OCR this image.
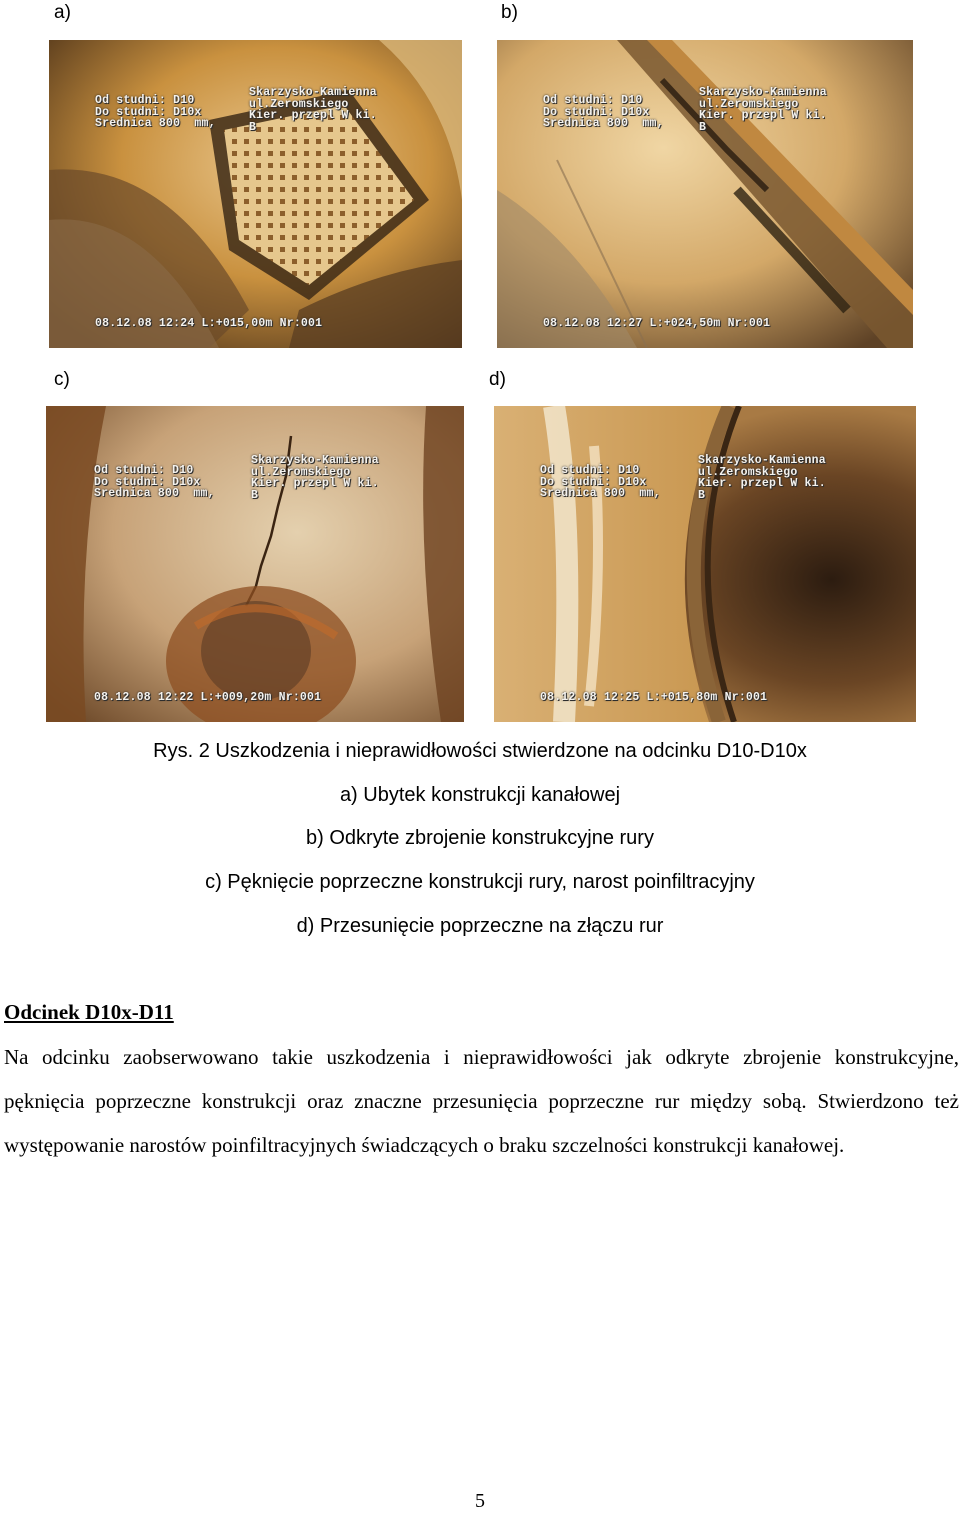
a)	b)
c)	d)

Od studni: D10
Do studni: D10x
Srednica 800  mm,

Skarzysko-Kamienna
ul.Zeromskiego
Kier. przepl W ki.
B

08.12.08 12:24 L:+015,00m Nr:001

Od studni: D10
Do studni: D10x
Srednica 800  mm,

Skarzysko-Kamienna
ul.Zeromskiego
Kier. przepl W ki.
B

08.12.08 12:27 L:+024,50m Nr:001

Od studni: D10
Do studni: D10x
Srednica 800  mm,

Skarzysko-Kamienna
ul.Zeromskiego
Kier. przepl W ki.
B

08.12.08 12:22 L:+009,20m Nr:001

Od studni: D10
Do studni: D10x
Srednica 800  mm,

Skarzysko-Kamienna
ul.Zeromskiego
Kier. przepl W ki.
B

08.12.08 12:25 L:+015,80m Nr:001
Rys. 2 Uszkodzenia i nieprawidłowości stwierdzone na odcinku D10-D10x
a) Ubytek konstrukcji kanałowej
b) Odkryte zbrojenie konstrukcyjne rury
c) Pęknięcie poprzeczne konstrukcji rury, narost poinfiltracyjny
d) Przesunięcie poprzeczne na złączu rur
Odcinek D10x-D11
Na odcinku zaobserwowano takie uszkodzenia i nieprawidłowości jak odkryte zbrojenie konstrukcyjne, pęknięcia poprzeczne konstrukcji oraz znaczne przesunięcia poprzeczne rur między sobą. Stwierdzono też występowanie narostów poinfiltracyjnych świadczących o braku szczelności konstrukcji kanałowej.
5
